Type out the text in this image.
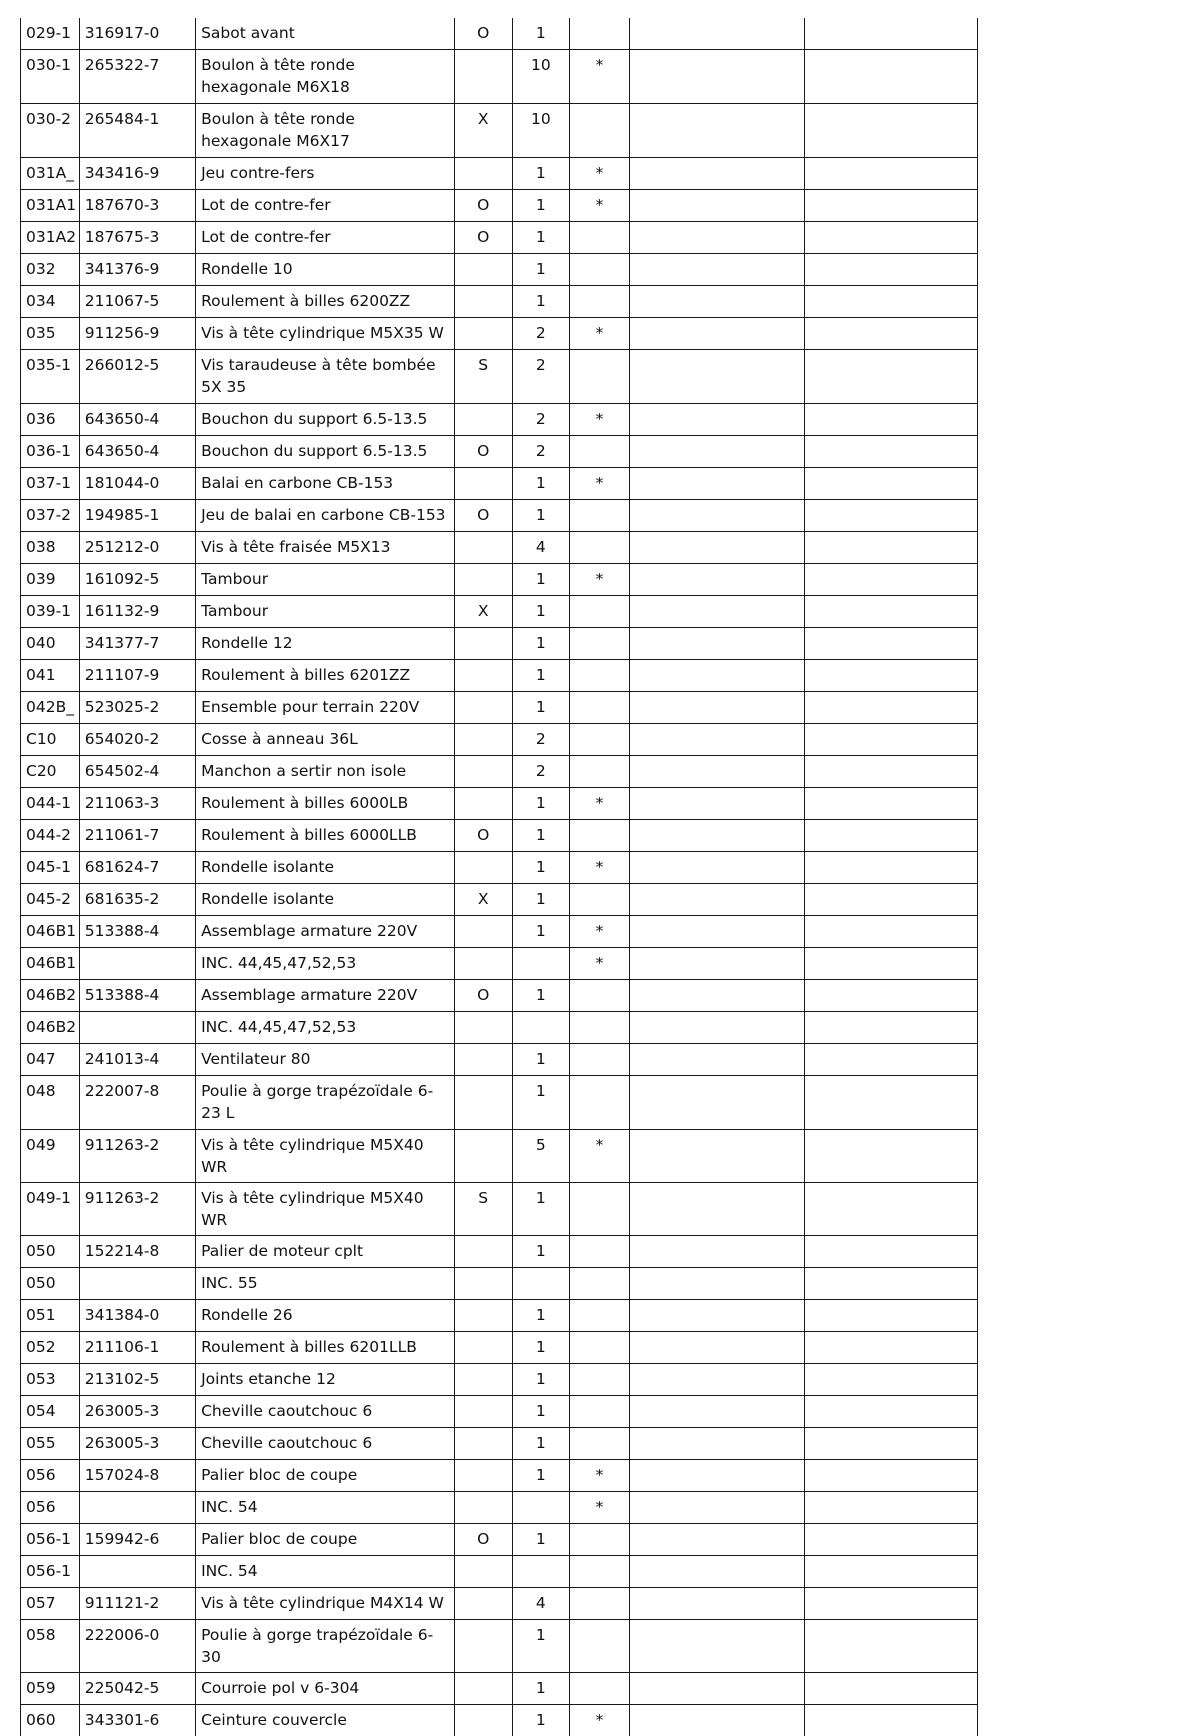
029-1	316917-0	Sabot avant	O	1			
030-1	265322-7	Boulon à tête ronde hexagonale M6X18		10	*		
030-2	265484-1	Boulon à tête ronde hexagonale M6X17	X	10			
031A_	343416-9	Jeu contre-fers		1	*		
031A1	187670-3	Lot de contre-fer	O	1	*		
031A2	187675-3	Lot de contre-fer	O	1			
032	341376-9	Rondelle 10		1			
034	211067-5	Roulement à billes 6200ZZ		1			
035	911256-9	Vis à tête cylindrique M5X35 W		2	*		
035-1	266012-5	Vis taraudeuse à tête bombée 5X 35	S	2			
036	643650-4	Bouchon du support 6.5-13.5		2	*		
036-1	643650-4	Bouchon du support 6.5-13.5	O	2			
037-1	181044-0	Balai en carbone CB-153		1	*		
037-2	194985-1	Jeu de balai en carbone CB-153	O	1			
038	251212-0	Vis à tête fraisée M5X13		4			
039	161092-5	Tambour		1	*		
039-1	161132-9	Tambour	X	1			
040	341377-7	Rondelle 12		1			
041	211107-9	Roulement à billes 6201ZZ		1			
042B_	523025-2	Ensemble pour terrain 220V		1			
C10	654020-2	Cosse à anneau 36L		2			
C20	654502-4	Manchon a sertir non isole		2			
044-1	211063-3	Roulement à billes 6000LB		1	*		
044-2	211061-7	Roulement à billes 6000LLB	O	1			
045-1	681624-7	Rondelle isolante		1	*		
045-2	681635-2	Rondelle isolante	X	1			
046B1	513388-4	Assemblage armature 220V		1	*		
046B1		INC. 44,45,47,52,53			*		
046B2	513388-4	Assemblage armature 220V	O	1			
046B2		INC. 44,45,47,52,53					
047	241013-4	Ventilateur 80		1			
048	222007-8	Poulie à gorge trapézoïdale 6-23 L		1			
049	911263-2	Vis à tête cylindrique M5X40 WR		5	*		
049-1	911263-2	Vis à tête cylindrique M5X40 WR	S	1			
050	152214-8	Palier de moteur cplt		1			
050		INC. 55					
051	341384-0	Rondelle 26		1			
052	211106-1	Roulement à billes 6201LLB		1			
053	213102-5	Joints etanche 12		1			
054	263005-3	Cheville caoutchouc 6		1			
055	263005-3	Cheville caoutchouc 6		1			
056	157024-8	Palier bloc de coupe		1	*		
056		INC. 54			*		
056-1	159942-6	Palier bloc de coupe	O	1			
056-1		INC. 54					
057	911121-2	Vis à tête cylindrique M4X14 W		4			
058	222006-0	Poulie à gorge trapézoïdale 6-30		1			
059	225042-5	Courroie pol v 6-304		1			
060	343301-6	Ceinture couvercle		1	*		
